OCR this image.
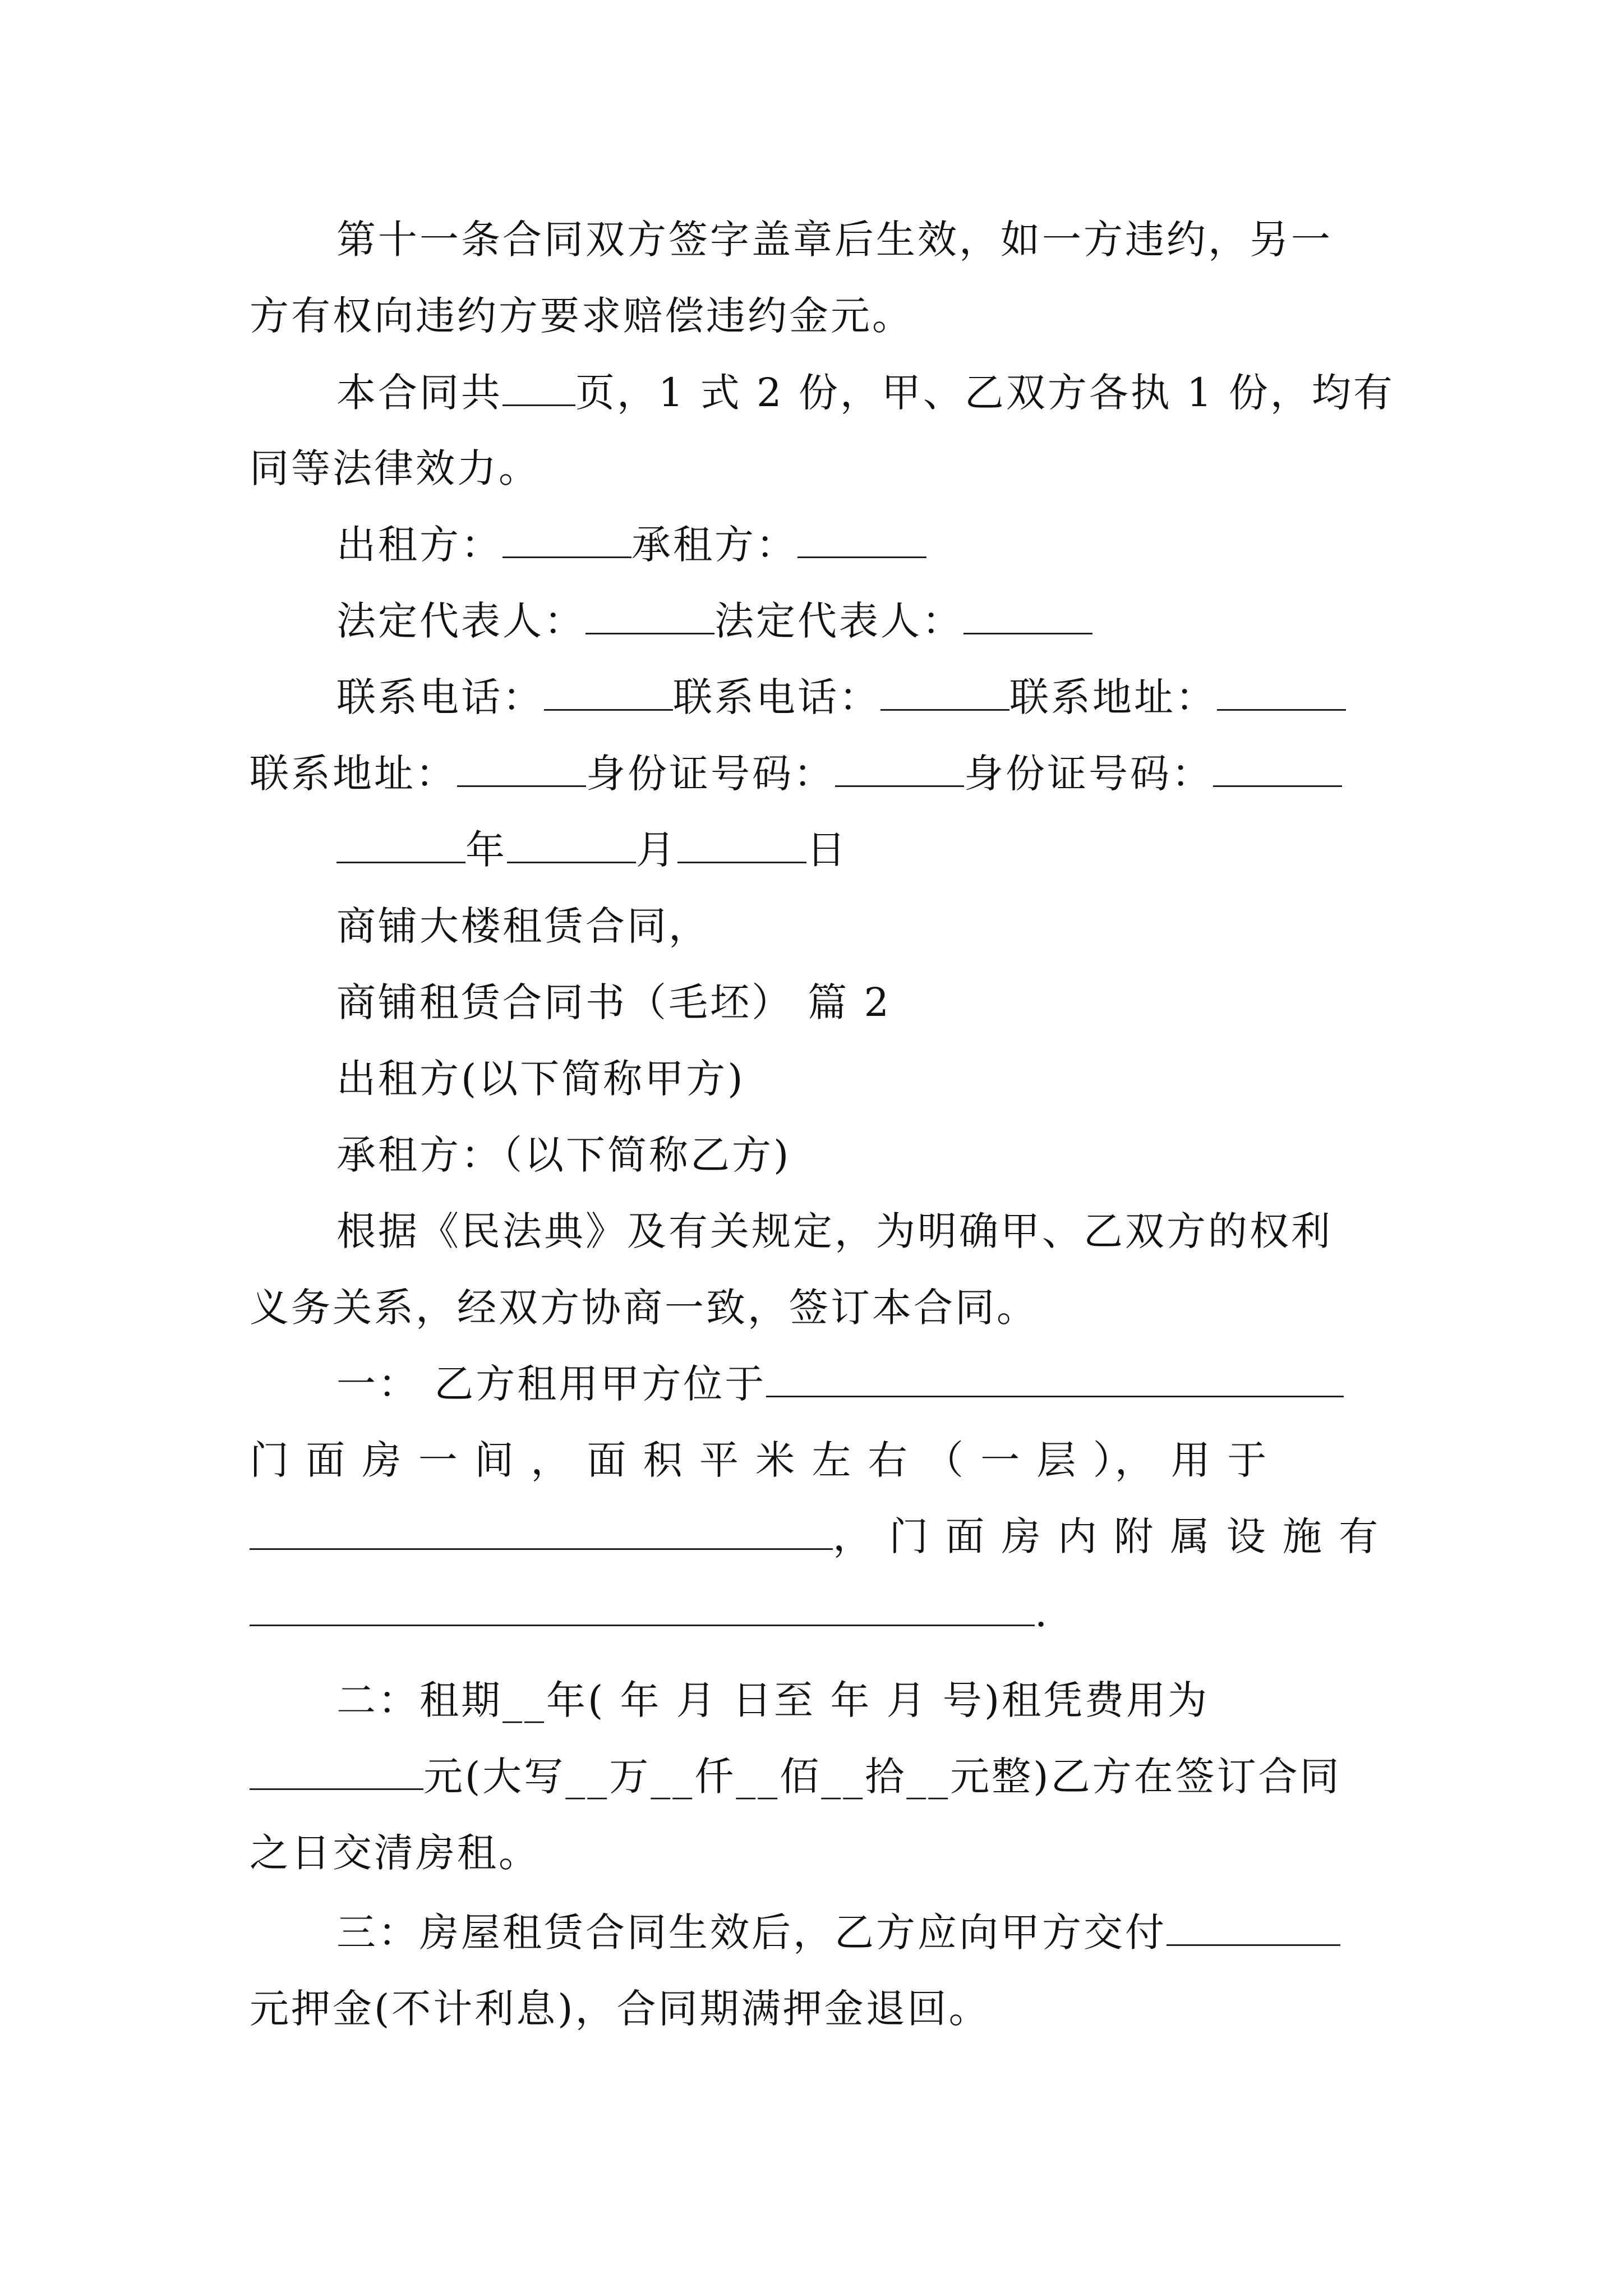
第十一条合同双方签字盖章后生效，如一方违约，另一
方有权向违约方要求赔偿违约金元。
本合同共 页，1 式 2 份，甲、乙双方各执 1 份，均有
同等法律效力。
出租方：	承租方：
法定代表人：	法定代表人：
联系电话：	联系电话：	联系地址：
联系地址：	身份证号码：	身份证号码：
年	月	日
商铺大楼租赁合同，
商铺租赁合同书（毛坯） 篇 2
出租方(以下简称甲方)
承租方：（以下简称乙方)
根据《民法典》及有关规定，为明确甲、乙双方的权利
义务关系，经双方协商一致，签订本合同。
一： 乙方租用甲方位于
门 面 房 一 间 ， 面 积 平 米 左 右 （ 一 层 ）， 用 于
， 门 面 房 内 附 属 设 施 有
.
二：租期__年( 年 月 日至 年 月 号)租凭费用为
元(大写__万__仟__佰__拾__元整)乙方在签订合同
之日交清房租。
三：房屋租赁合同生效后，乙方应向甲方交付
元押金(不计利息)，合同期满押金退回。
